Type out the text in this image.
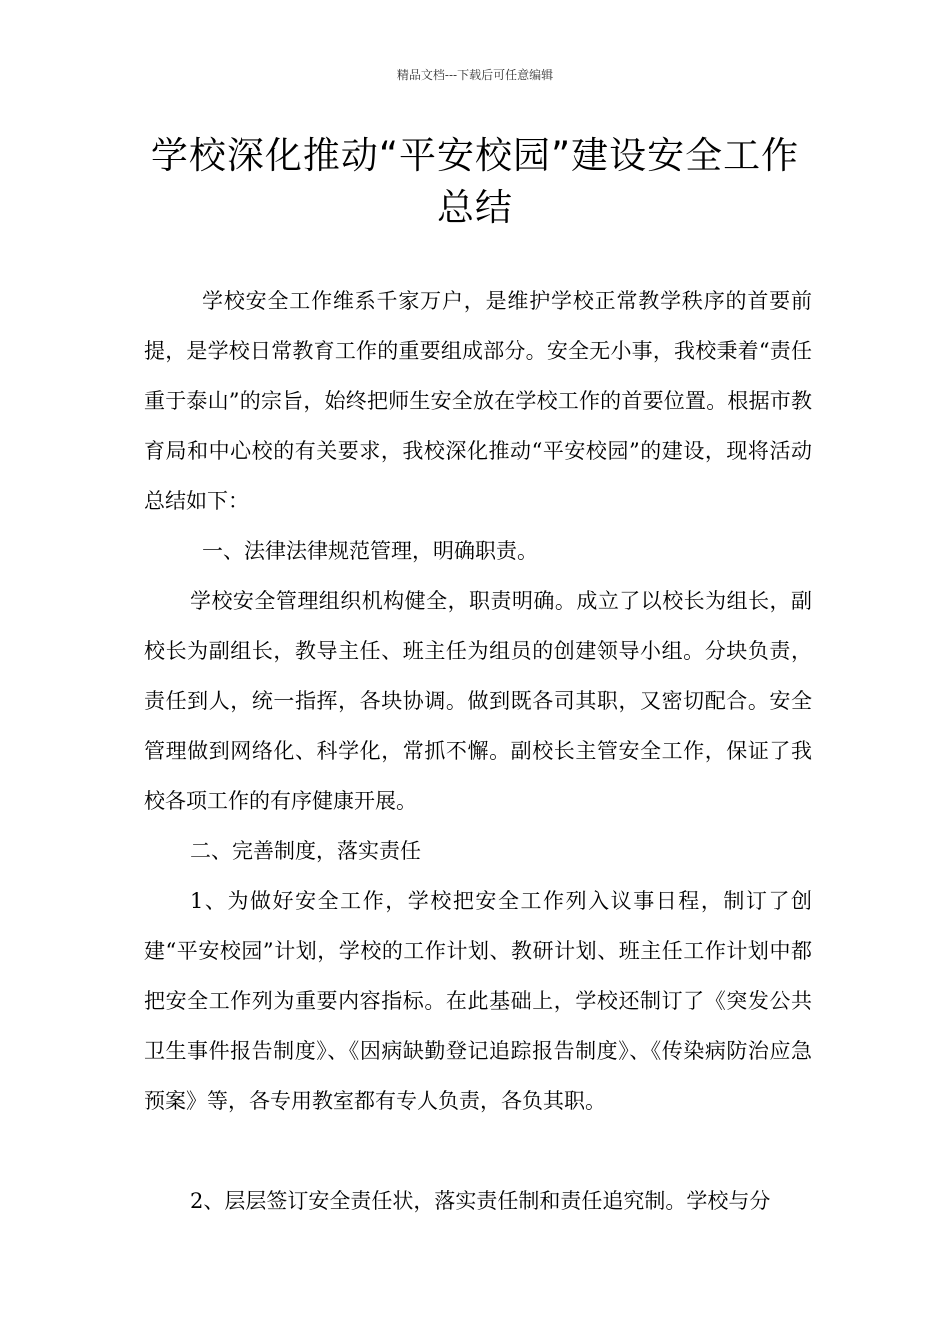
精品文档---下载后可任意编辑
学校深化推动“平安校园”建设安全工作总结

学校安全工作维系千家万户，是维护学校正常教学秩序的首要前提，是学校日常教育工作的重要组成部分。安全无小事，我校秉着“责任重于泰山”的宗旨，始终把师生安全放在学校工作的首要位置。根据市教育局和中心校的有关要求，我校深化推动“平安校园”的建设，现将活动总结如下：

一、法律法律规范管理，明确职责。

学校安全管理组织机构健全，职责明确。成立了以校长为组长，副校长为副组长，教导主任、班主任为组员的创建领导小组。分块负责，责任到人，统一指挥，各块协调。做到既各司其职，又密切配合。安全管理做到网络化、科学化，常抓不懈。副校长主管安全工作，保证了我校各项工作的有序健康开展。

二、完善制度，落实责任

1、为做好安全工作，学校把安全工作列入议事日程，制订了创建“平安校园”计划，学校的工作计划、教研计划、班主任工作计划中都把安全工作列为重要内容指标。在此基础上，学校还制订了《突发公共卫生事件报告制度》、《因病缺勤登记追踪报告制度》、《传染病防治应急预案》等，各专用教室都有专人负责，各负其职。

2、层层签订安全责任状，落实责任制和责任追究制。学校与分
